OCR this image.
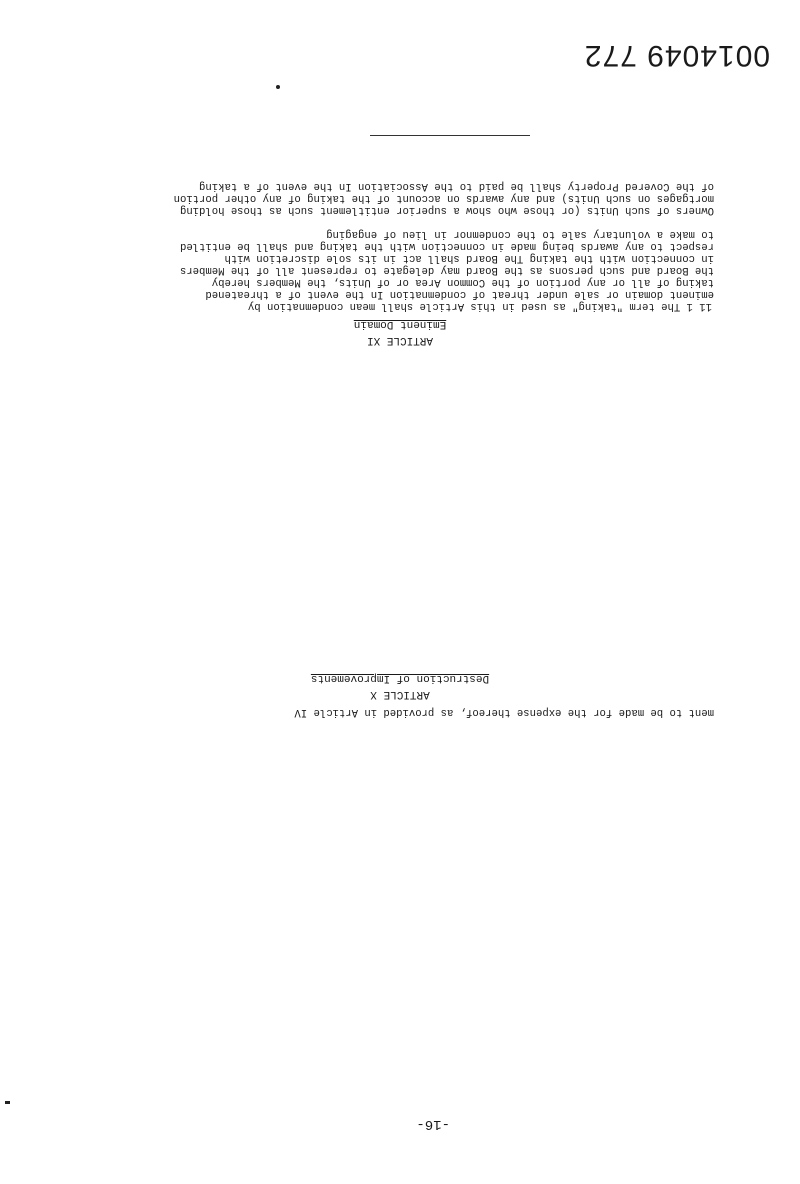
-16-
ment to be made for the expense thereof, as provided in Article IV
ARTICLE X
Destruction of Improvements
ARTICLE XI
Eminent Domain
11 1 The term "taking" as used in this Article shall mean condemnation by
eminent domain or sale under threat of condemnation In the event of a threatened
taking of all or any portion of the Common Area or of Units, the Members hereby
the Board and such persons as the Board may delegate to represent all of the Members
in connection with the taking The Board shall act in its sole discretion with
respect to any awards being made in connection with the taking and shall be entitled
to make a voluntary sale to the condemnor in lieu of engaging
Owners of such Units (or those who show a superior entitlement such as those holding
mortgages on such Units) and any awards on account of the taking of any other portion
of the Covered Property shall be paid to the Association In the event of a taking
0014049 772
